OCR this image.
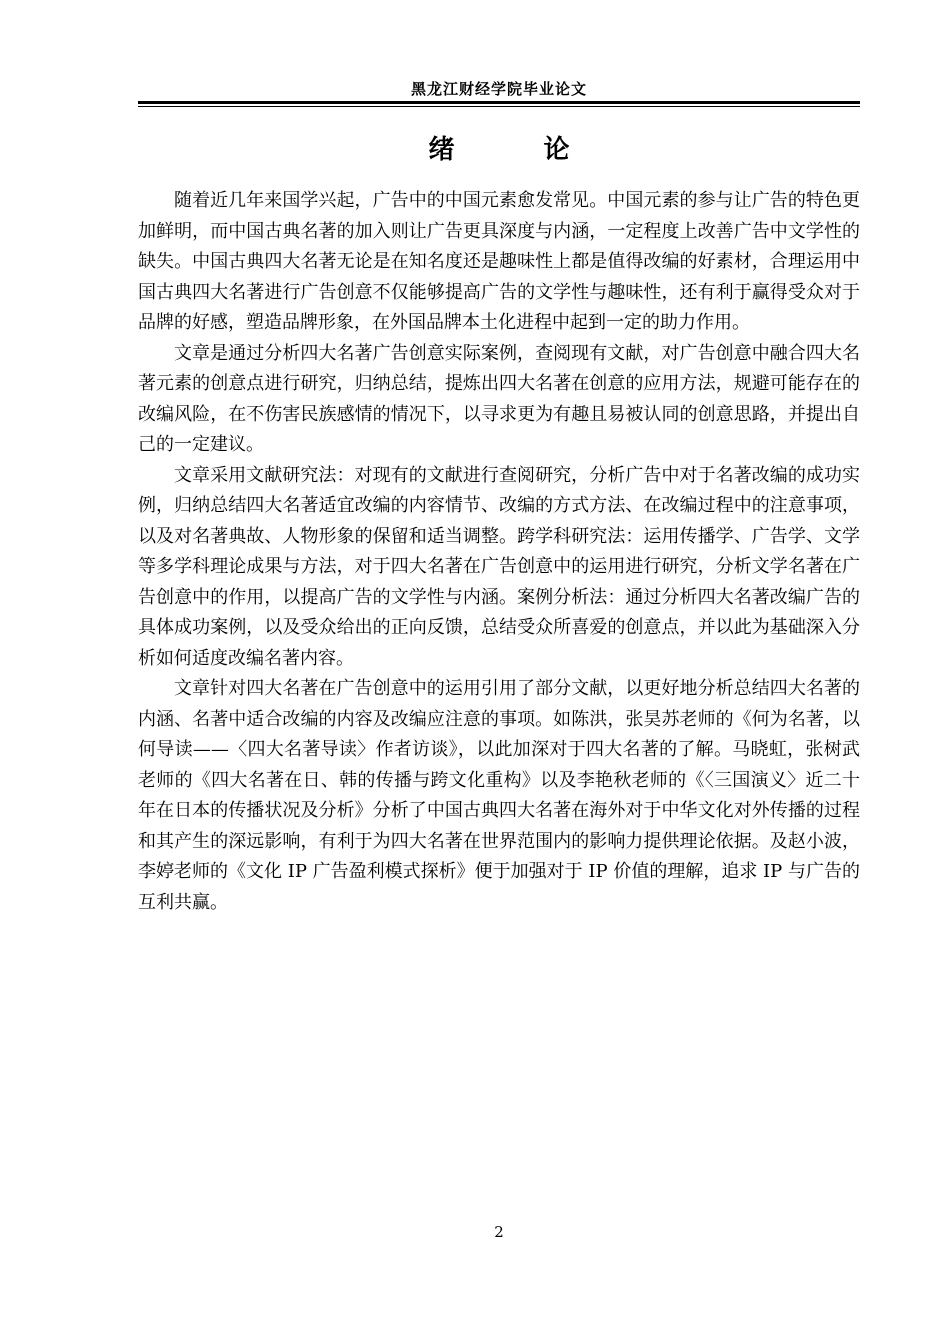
黑龙江财经学院毕业论文
绪 论

随着近几年来国学兴起，广告中的中国元素愈发常见。中国元素的参与让广告的特色更加鲜明，而中国古典名著的加入则让广告更具深度与内涵，一定程度上改善广告中文学性的缺失。中国古典四大名著无论是在知名度还是趣味性上都是值得改编的好素材，合理运用中国古典四大名著进行广告创意不仅能够提高广告的文学性与趣味性，还有利于赢得受众对于品牌的好感，塑造品牌形象，在外国品牌本土化进程中起到一定的助力作用。

文章是通过分析四大名著广告创意实际案例，查阅现有文献，对广告创意中融合四大名著元素的创意点进行研究，归纳总结，提炼出四大名著在创意的应用方法，规避可能存在的改编风险，在不伤害民族感情的情况下，以寻求更为有趣且易被认同的创意思路，并提出自己的一定建议。

文章采用文献研究法：对现有的文献进行查阅研究，分析广告中对于名著改编的成功实例，归纳总结四大名著适宜改编的内容情节、改编的方式方法、在改编过程中的注意事项，以及对名著典故、人物形象的保留和适当调整。跨学科研究法：运用传播学、广告学、文学等多学科理论成果与方法，对于四大名著在广告创意中的运用进行研究，分析文学名著在广告创意中的作用，以提高广告的文学性与内涵。案例分析法：通过分析四大名著改编广告的具体成功案例，以及受众给出的正向反馈，总结受众所喜爱的创意点，并以此为基础深入分析如何适度改编名著内容。

文章针对四大名著在广告创意中的运用引用了部分文献，以更好地分析总结四大名著的内涵、名著中适合改编的内容及改编应注意的事项。如陈洪，张昊苏老师的《何为名著，以何导读——〈四大名著导读〉作者访谈》，以此加深对于四大名著的了解。马晓虹，张树武老师的《四大名著在日、韩的传播与跨文化重构》以及李艳秋老师的《〈三国演义〉近二十年在日本的传播状况及分析》分析了中国古典四大名著在海外对于中华文化对外传播的过程和其产生的深远影响，有利于为四大名著在世界范围内的影响力提供理论依据。及赵小波，李婷老师的《文化 IP 广告盈利模式探析》便于加强对于 IP 价值的理解，追求 IP 与广告的互利共赢。

2
